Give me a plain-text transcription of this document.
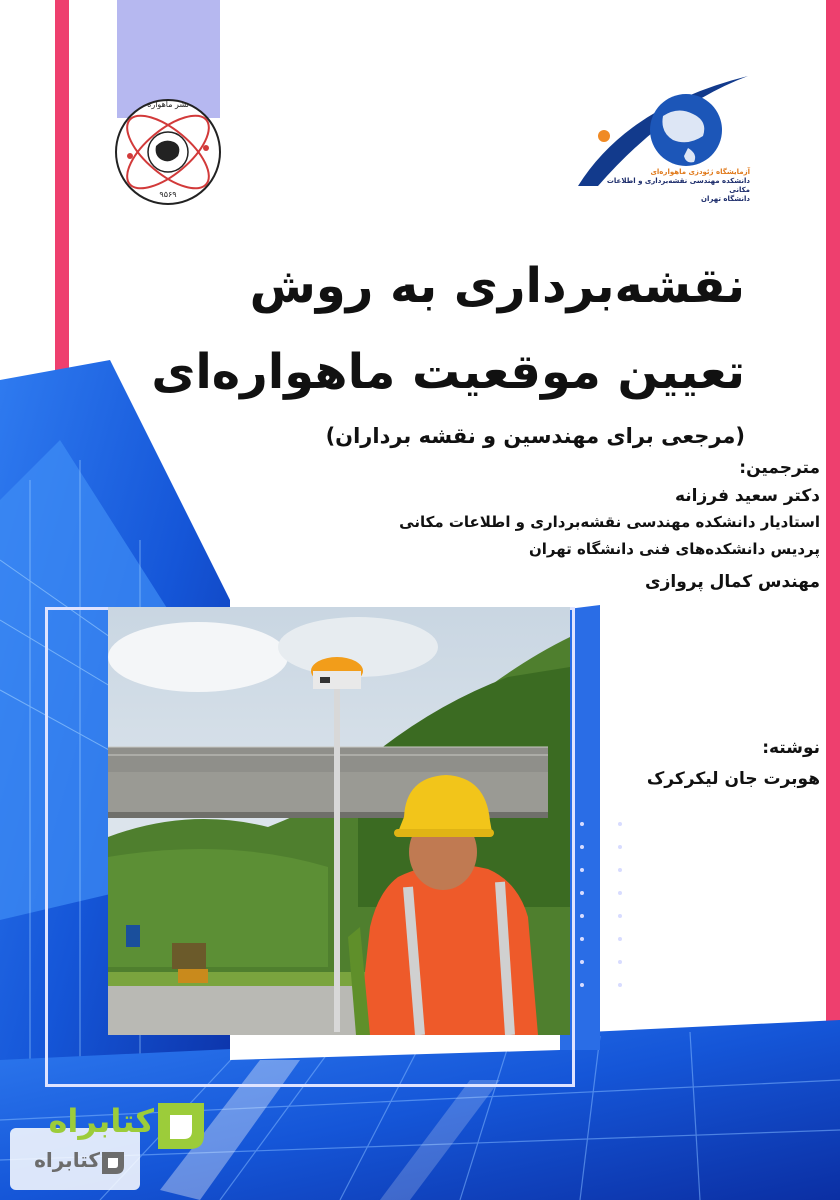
نشر ماهواره
۹۵۶۹
آزمایشگاه ژئودزی ماهواره‌ای
دانشکده مهندسی نقشه‌برداری و اطلاعات مکانی
دانشگاه تهران
نقشه‌برداری به روش
تعیین موقعیت ماهواره‌ای
(مرجعی برای مهندسین و نقشه برداران)
مترجمین:
دکتر سعید فرزانه
استادیار دانشکده مهندسی نقشه‌برداری و اطلاعات مکانی
پردیس دانشکده‌های فنی دانشگاه تهران
مهندس کمال پروازی
نوشته:
هوبرت جان لیکرکرک
کتابراه
کتابراه
